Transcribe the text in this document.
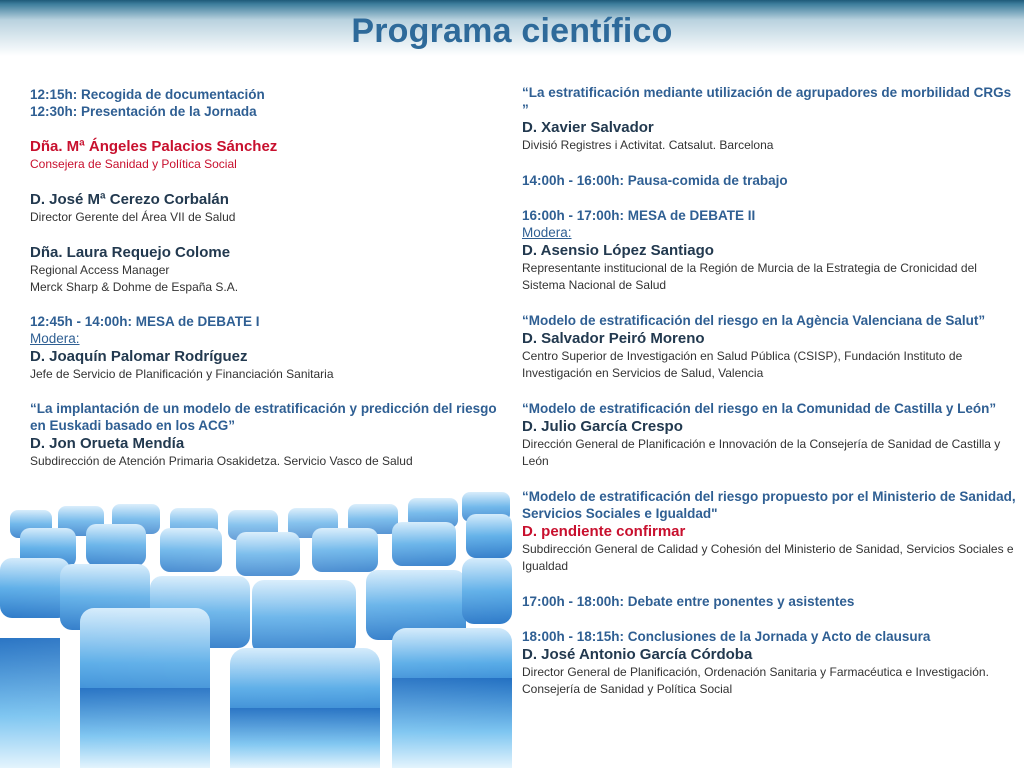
Programa científico
12:15h: Recogida de documentación
12:30h: Presentación de la Jornada
Dña. Mª Ángeles Palacios Sánchez
Consejera de Sanidad y Política Social
D. José Mª Cerezo Corbalán
Director Gerente del Área VII de Salud
Dña. Laura Requejo Colome
Regional Access Manager
Merck Sharp & Dohme de España S.A.
12:45h - 14:00h: MESA de DEBATE I
Modera:
D. Joaquín Palomar Rodríguez
Jefe de Servicio de Planificación y Financiación Sanitaria
“La implantación de un modelo de estratificación y predicción del riesgo en Euskadi basado en los ACG”
D. Jon Orueta Mendía
Subdirección de Atención Primaria Osakidetza. Servicio Vasco de Salud
“La estratificación mediante utilización de agrupadores de morbilidad CRGs ”
D. Xavier Salvador
Divisió Registres i Activitat. Catsalut. Barcelona
14:00h - 16:00h: Pausa-comida de trabajo
16:00h - 17:00h: MESA de DEBATE II
Modera:
D. Asensio López Santiago
Representante institucional de la Región de Murcia de la Estrategia de Cronicidad del Sistema Nacional de Salud
“Modelo de estratificación del riesgo en la Agència Valenciana de Salut”
D. Salvador Peiró Moreno
Centro Superior de Investigación en Salud Pública (CSISP), Fundación Instituto de Investigación en Servicios de Salud, Valencia
“Modelo de estratificación del riesgo en la Comunidad de Castilla y León”
D. Julio García Crespo
Dirección General de Planificación e Innovación de la Consejería de Sanidad de Castilla y León
“Modelo de estratificación del riesgo propuesto por el Ministerio de Sanidad, Servicios Sociales e Igualdad"
D. pendiente confirmar
Subdirección General de Calidad y Cohesión del Ministerio de Sanidad, Servicios Sociales e Igualdad
17:00h - 18:00h: Debate entre ponentes y asistentes
18:00h - 18:15h: Conclusiones de la Jornada y Acto de clausura
D. José Antonio García Córdoba
Director General de Planificación, Ordenación Sanitaria y Farmacéutica e Investigación. Consejería de Sanidad y Política Social
